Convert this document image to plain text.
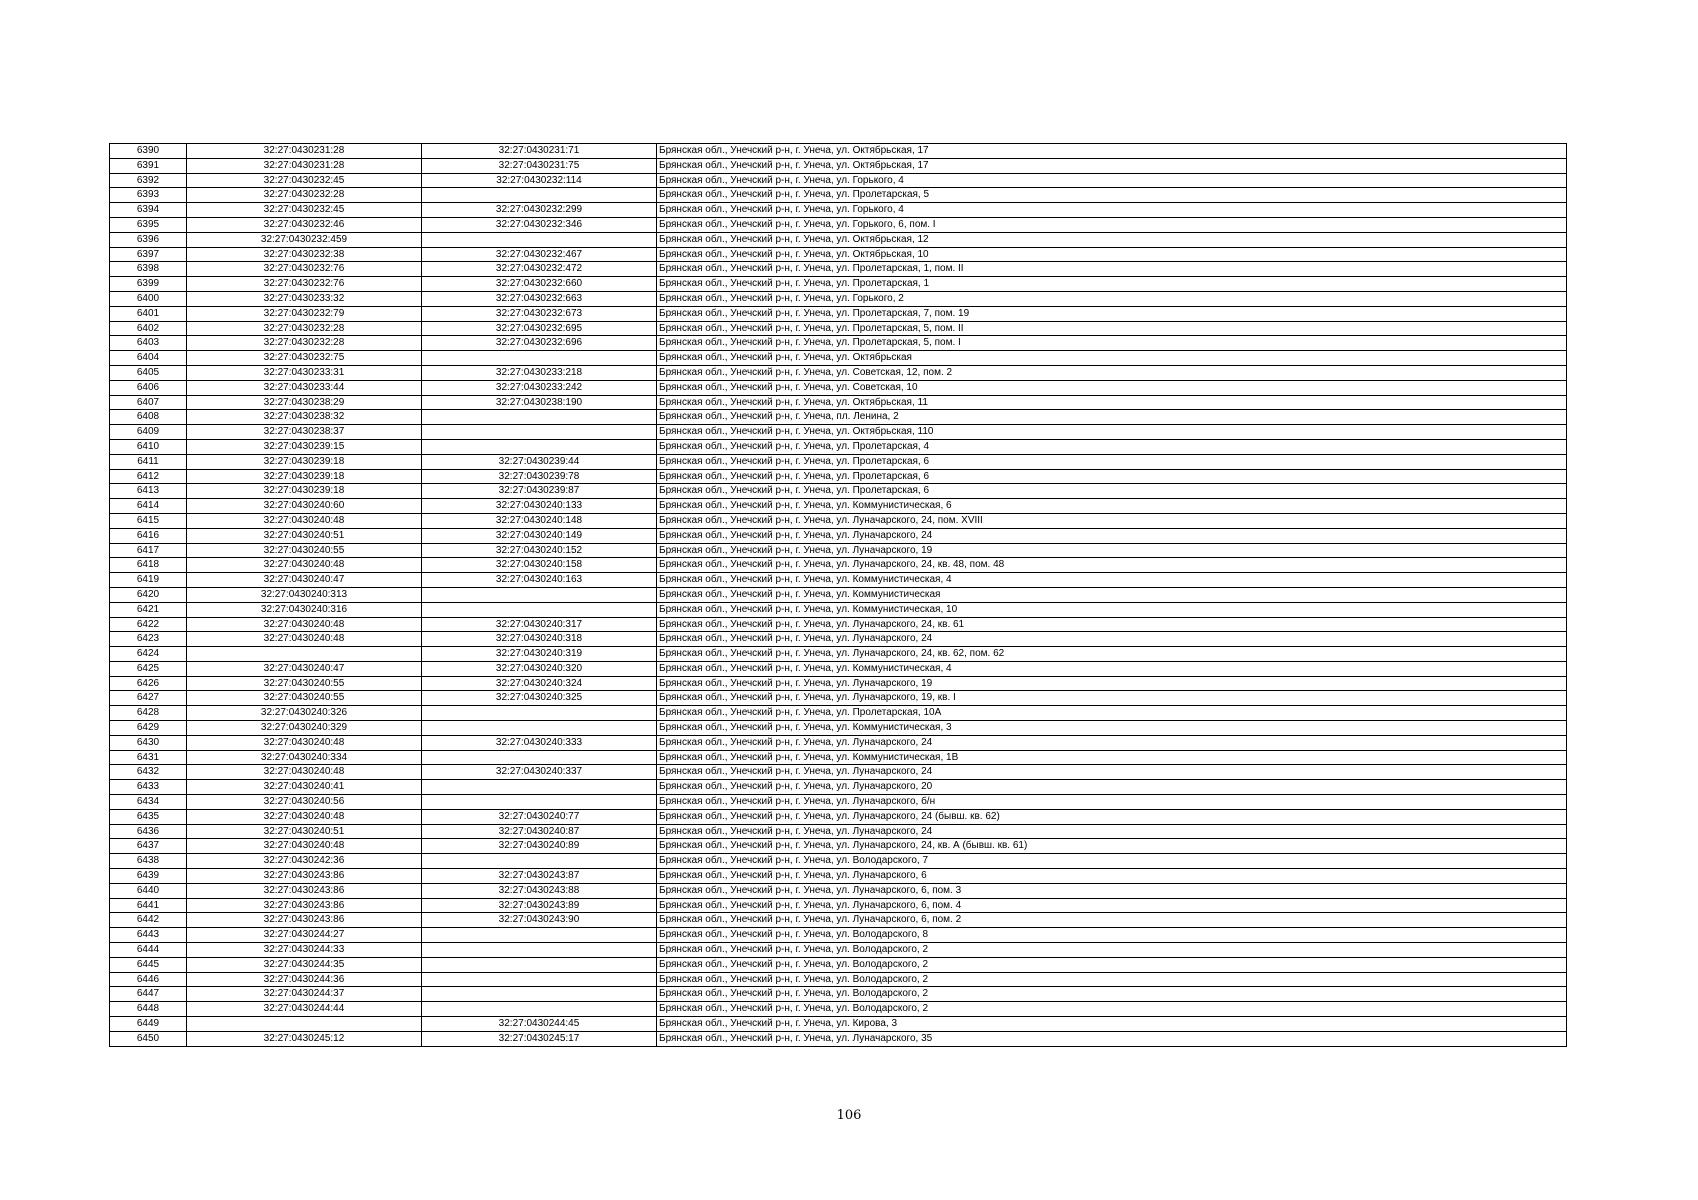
6390	32:27:0430231:28	32:27:0430231:71	Брянская обл., Унечский р-н, г. Унеча, ул. Октябрьская, 17
6391	32:27:0430231:28	32:27:0430231:75	Брянская обл., Унечский р-н, г. Унеча, ул. Октябрьская, 17
6392	32:27:0430232:45	32:27:0430232:114	Брянская обл., Унечский р-н, г. Унеча, ул. Горького, 4
6393	32:27:0430232:28		Брянская обл., Унечский р-н, г. Унеча, ул. Пролетарская, 5
6394	32:27:0430232:45	32:27:0430232:299	Брянская обл., Унечский р-н, г. Унеча, ул. Горького, 4
6395	32:27:0430232:46	32:27:0430232:346	Брянская обл., Унечский р-н, г. Унеча, ул. Горького, 6, пом. I
6396	32:27:0430232:459		Брянская обл., Унечский р-н, г. Унеча, ул. Октябрьская, 12
6397	32:27:0430232:38	32:27:0430232:467	Брянская обл., Унечский р-н, г. Унеча, ул. Октябрьская, 10
6398	32:27:0430232:76	32:27:0430232:472	Брянская обл., Унечский р-н, г. Унеча, ул. Пролетарская, 1, пом. II
6399	32:27:0430232:76	32:27:0430232:660	Брянская обл., Унечский р-н, г. Унеча, ул. Пролетарская, 1
6400	32:27:0430233:32	32:27:0430232:663	Брянская обл., Унечский р-н, г. Унеча, ул. Горького, 2
6401	32:27:0430232:79	32:27:0430232:673	Брянская обл., Унечский р-н, г. Унеча, ул. Пролетарская, 7, пом. 19
6402	32:27:0430232:28	32:27:0430232:695	Брянская обл., Унечский р-н, г. Унеча, ул. Пролетарская, 5, пом. II
6403	32:27:0430232:28	32:27:0430232:696	Брянская обл., Унечский р-н, г. Унеча, ул. Пролетарская, 5, пом. I
6404	32:27:0430232:75		Брянская обл., Унечский р-н, г. Унеча, ул. Октябрьская
6405	32:27:0430233:31	32:27:0430233:218	Брянская обл., Унечский р-н, г. Унеча, ул. Советская, 12, пом. 2
6406	32:27:0430233:44	32:27:0430233:242	Брянская обл., Унечский р-н, г. Унеча, ул. Советская, 10
6407	32:27:0430238:29	32:27:0430238:190	Брянская обл., Унечский р-н, г. Унеча, ул. Октябрьская, 11
6408	32:27:0430238:32		Брянская обл., Унечский р-н, г. Унеча, пл. Ленина, 2
6409	32:27:0430238:37		Брянская обл., Унечский р-н, г. Унеча, ул. Октябрьская, 110
6410	32:27:0430239:15		Брянская обл., Унечский р-н, г. Унеча, ул. Пролетарская, 4
6411	32:27:0430239:18	32:27:0430239:44	Брянская обл., Унечский р-н, г. Унеча, ул. Пролетарская, 6
6412	32:27:0430239:18	32:27:0430239:78	Брянская обл., Унечский р-н, г. Унеча, ул. Пролетарская, 6
6413	32:27:0430239:18	32:27:0430239:87	Брянская обл., Унечский р-н, г. Унеча, ул. Пролетарская, 6
6414	32:27:0430240:60	32:27:0430240:133	Брянская обл., Унечский р-н, г. Унеча, ул. Коммунистическая, 6
6415	32:27:0430240:48	32:27:0430240:148	Брянская обл., Унечский р-н, г. Унеча, ул. Луначарского, 24, пом. XVIII
6416	32:27:0430240:51	32:27:0430240:149	Брянская обл., Унечский р-н, г. Унеча, ул. Луначарского, 24
6417	32:27:0430240:55	32:27:0430240:152	Брянская обл., Унечский р-н, г. Унеча, ул. Луначарского, 19
6418	32:27:0430240:48	32:27:0430240:158	Брянская обл., Унечский р-н, г. Унеча, ул. Луначарского, 24, кв. 48, пом. 48
6419	32:27:0430240:47	32:27:0430240:163	Брянская обл., Унечский р-н, г. Унеча, ул. Коммунистическая, 4
6420	32:27:0430240:313		Брянская обл., Унечский р-н, г. Унеча, ул. Коммунистическая
6421	32:27:0430240:316		Брянская обл., Унечский р-н, г. Унеча, ул. Коммунистическая, 10
6422	32:27:0430240:48	32:27:0430240:317	Брянская обл., Унечский р-н, г. Унеча, ул. Луначарского, 24, кв. 61
6423	32:27:0430240:48	32:27:0430240:318	Брянская обл., Унечский р-н, г. Унеча, ул. Луначарского, 24
6424		32:27:0430240:319	Брянская обл., Унечский р-н, г. Унеча, ул. Луначарского, 24, кв. 62, пом. 62
6425	32:27:0430240:47	32:27:0430240:320	Брянская обл., Унечский р-н, г. Унеча, ул. Коммунистическая, 4
6426	32:27:0430240:55	32:27:0430240:324	Брянская обл., Унечский р-н, г. Унеча, ул. Луначарского, 19
6427	32:27:0430240:55	32:27:0430240:325	Брянская обл., Унечский р-н, г. Унеча, ул. Луначарского, 19, кв. I
6428	32:27:0430240:326		Брянская обл., Унечский р-н, г. Унеча, ул. Пролетарская, 10А
6429	32:27:0430240:329		Брянская обл., Унечский р-н, г. Унеча, ул. Коммунистическая, 3
6430	32:27:0430240:48	32:27:0430240:333	Брянская обл., Унечский р-н, г. Унеча, ул. Луначарского, 24
6431	32:27:0430240:334		Брянская обл., Унечский р-н, г. Унеча, ул. Коммунистическая, 1В
6432	32:27:0430240:48	32:27:0430240:337	Брянская обл., Унечский р-н, г. Унеча, ул. Луначарского, 24
6433	32:27:0430240:41		Брянская обл., Унечский р-н, г. Унеча, ул. Луначарского, 20
6434	32:27:0430240:56		Брянская обл., Унечский р-н, г. Унеча, ул. Луначарского, б/н
6435	32:27:0430240:48	32:27:0430240:77	Брянская обл., Унечский р-н, г. Унеча, ул. Луначарского, 24 (бывш. кв. 62)
6436	32:27:0430240:51	32:27:0430240:87	Брянская обл., Унечский р-н, г. Унеча, ул. Луначарского, 24
6437	32:27:0430240:48	32:27:0430240:89	Брянская обл., Унечский р-н, г. Унеча, ул. Луначарского, 24, кв. А (бывш. кв. 61)
6438	32:27:0430242:36		Брянская обл., Унечский р-н, г. Унеча, ул. Володарского, 7
6439	32:27:0430243:86	32:27:0430243:87	Брянская обл., Унечский р-н, г. Унеча, ул. Луначарского, 6
6440	32:27:0430243:86	32:27:0430243:88	Брянская обл., Унечский р-н, г. Унеча, ул. Луначарского, 6, пом. 3
6441	32:27:0430243:86	32:27:0430243:89	Брянская обл., Унечский р-н, г. Унеча, ул. Луначарского, 6, пом. 4
6442	32:27:0430243:86	32:27:0430243:90	Брянская обл., Унечский р-н, г. Унеча, ул. Луначарского, 6, пом. 2
6443	32:27:0430244:27		Брянская обл., Унечский р-н, г. Унеча, ул. Володарского, 8
6444	32:27:0430244:33		Брянская обл., Унечский р-н, г. Унеча, ул. Володарского, 2
6445	32:27:0430244:35		Брянская обл., Унечский р-н, г. Унеча, ул. Володарского, 2
6446	32:27:0430244:36		Брянская обл., Унечский р-н, г. Унеча, ул. Володарского, 2
6447	32:27:0430244:37		Брянская обл., Унечский р-н, г. Унеча, ул. Володарского, 2
6448	32:27:0430244:44		Брянская обл., Унечский р-н, г. Унеча, ул. Володарского, 2
6449		32:27:0430244:45	Брянская обл., Унечский р-н, г. Унеча, ул. Кирова, 3
6450	32:27:0430245:12	32:27:0430245:17	Брянская обл., Унечский р-н, г. Унеча, ул. Луначарского, 35
106
